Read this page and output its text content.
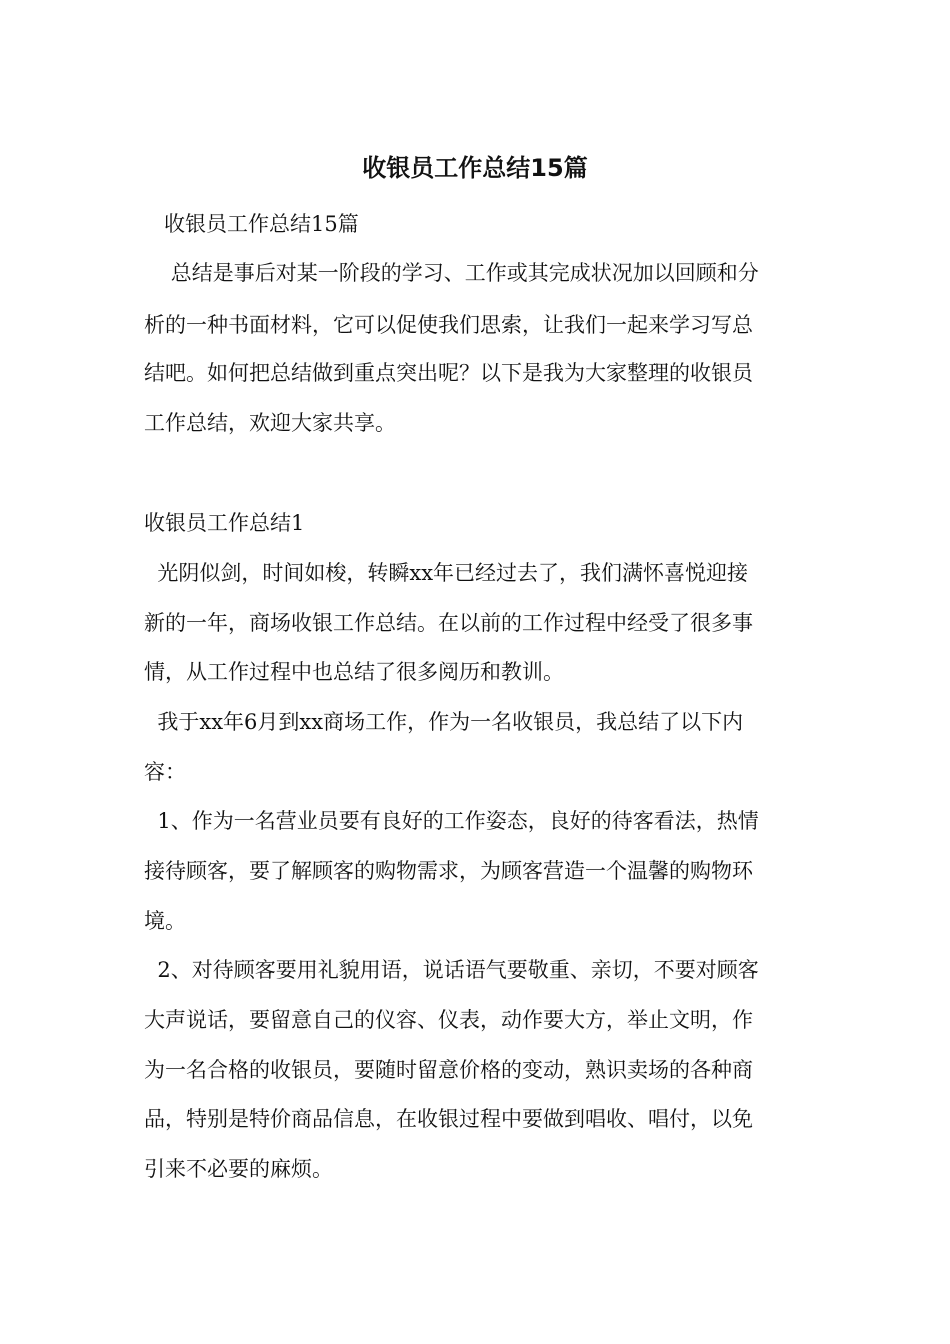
收银员工作总结15篇

收银员工作总结15篇

总结是事后对某一阶段的学习、工作或其完成状况加以回顾和分

析的一种书面材料，它可以促使我们思索，让我们一起来学习写总

结吧。如何把总结做到重点突出呢？以下是我为大家整理的收银员

工作总结，欢迎大家共享。

收银员工作总结1

光阴似剑，时间如梭，转瞬xx年已经过去了，我们满怀喜悦迎接

新的一年，商场收银工作总结。在以前的工作过程中经受了很多事

情，从工作过程中也总结了很多阅历和教训。

我于xx年6月到xx商场工作，作为一名收银员，我总结了以下内

容：

1、作为一名营业员要有良好的工作姿态，良好的待客看法，热情

接待顾客，要了解顾客的购物需求，为顾客营造一个温馨的购物环

境。

2、对待顾客要用礼貌用语，说话语气要敬重、亲切，不要对顾客

大声说话，要留意自己的仪容、仪表，动作要大方，举止文明，作

为一名合格的收银员，要随时留意价格的变动，熟识卖场的各种商

品，特别是特价商品信息，在收银过程中要做到唱收、唱付，以免

引来不必要的麻烦。
